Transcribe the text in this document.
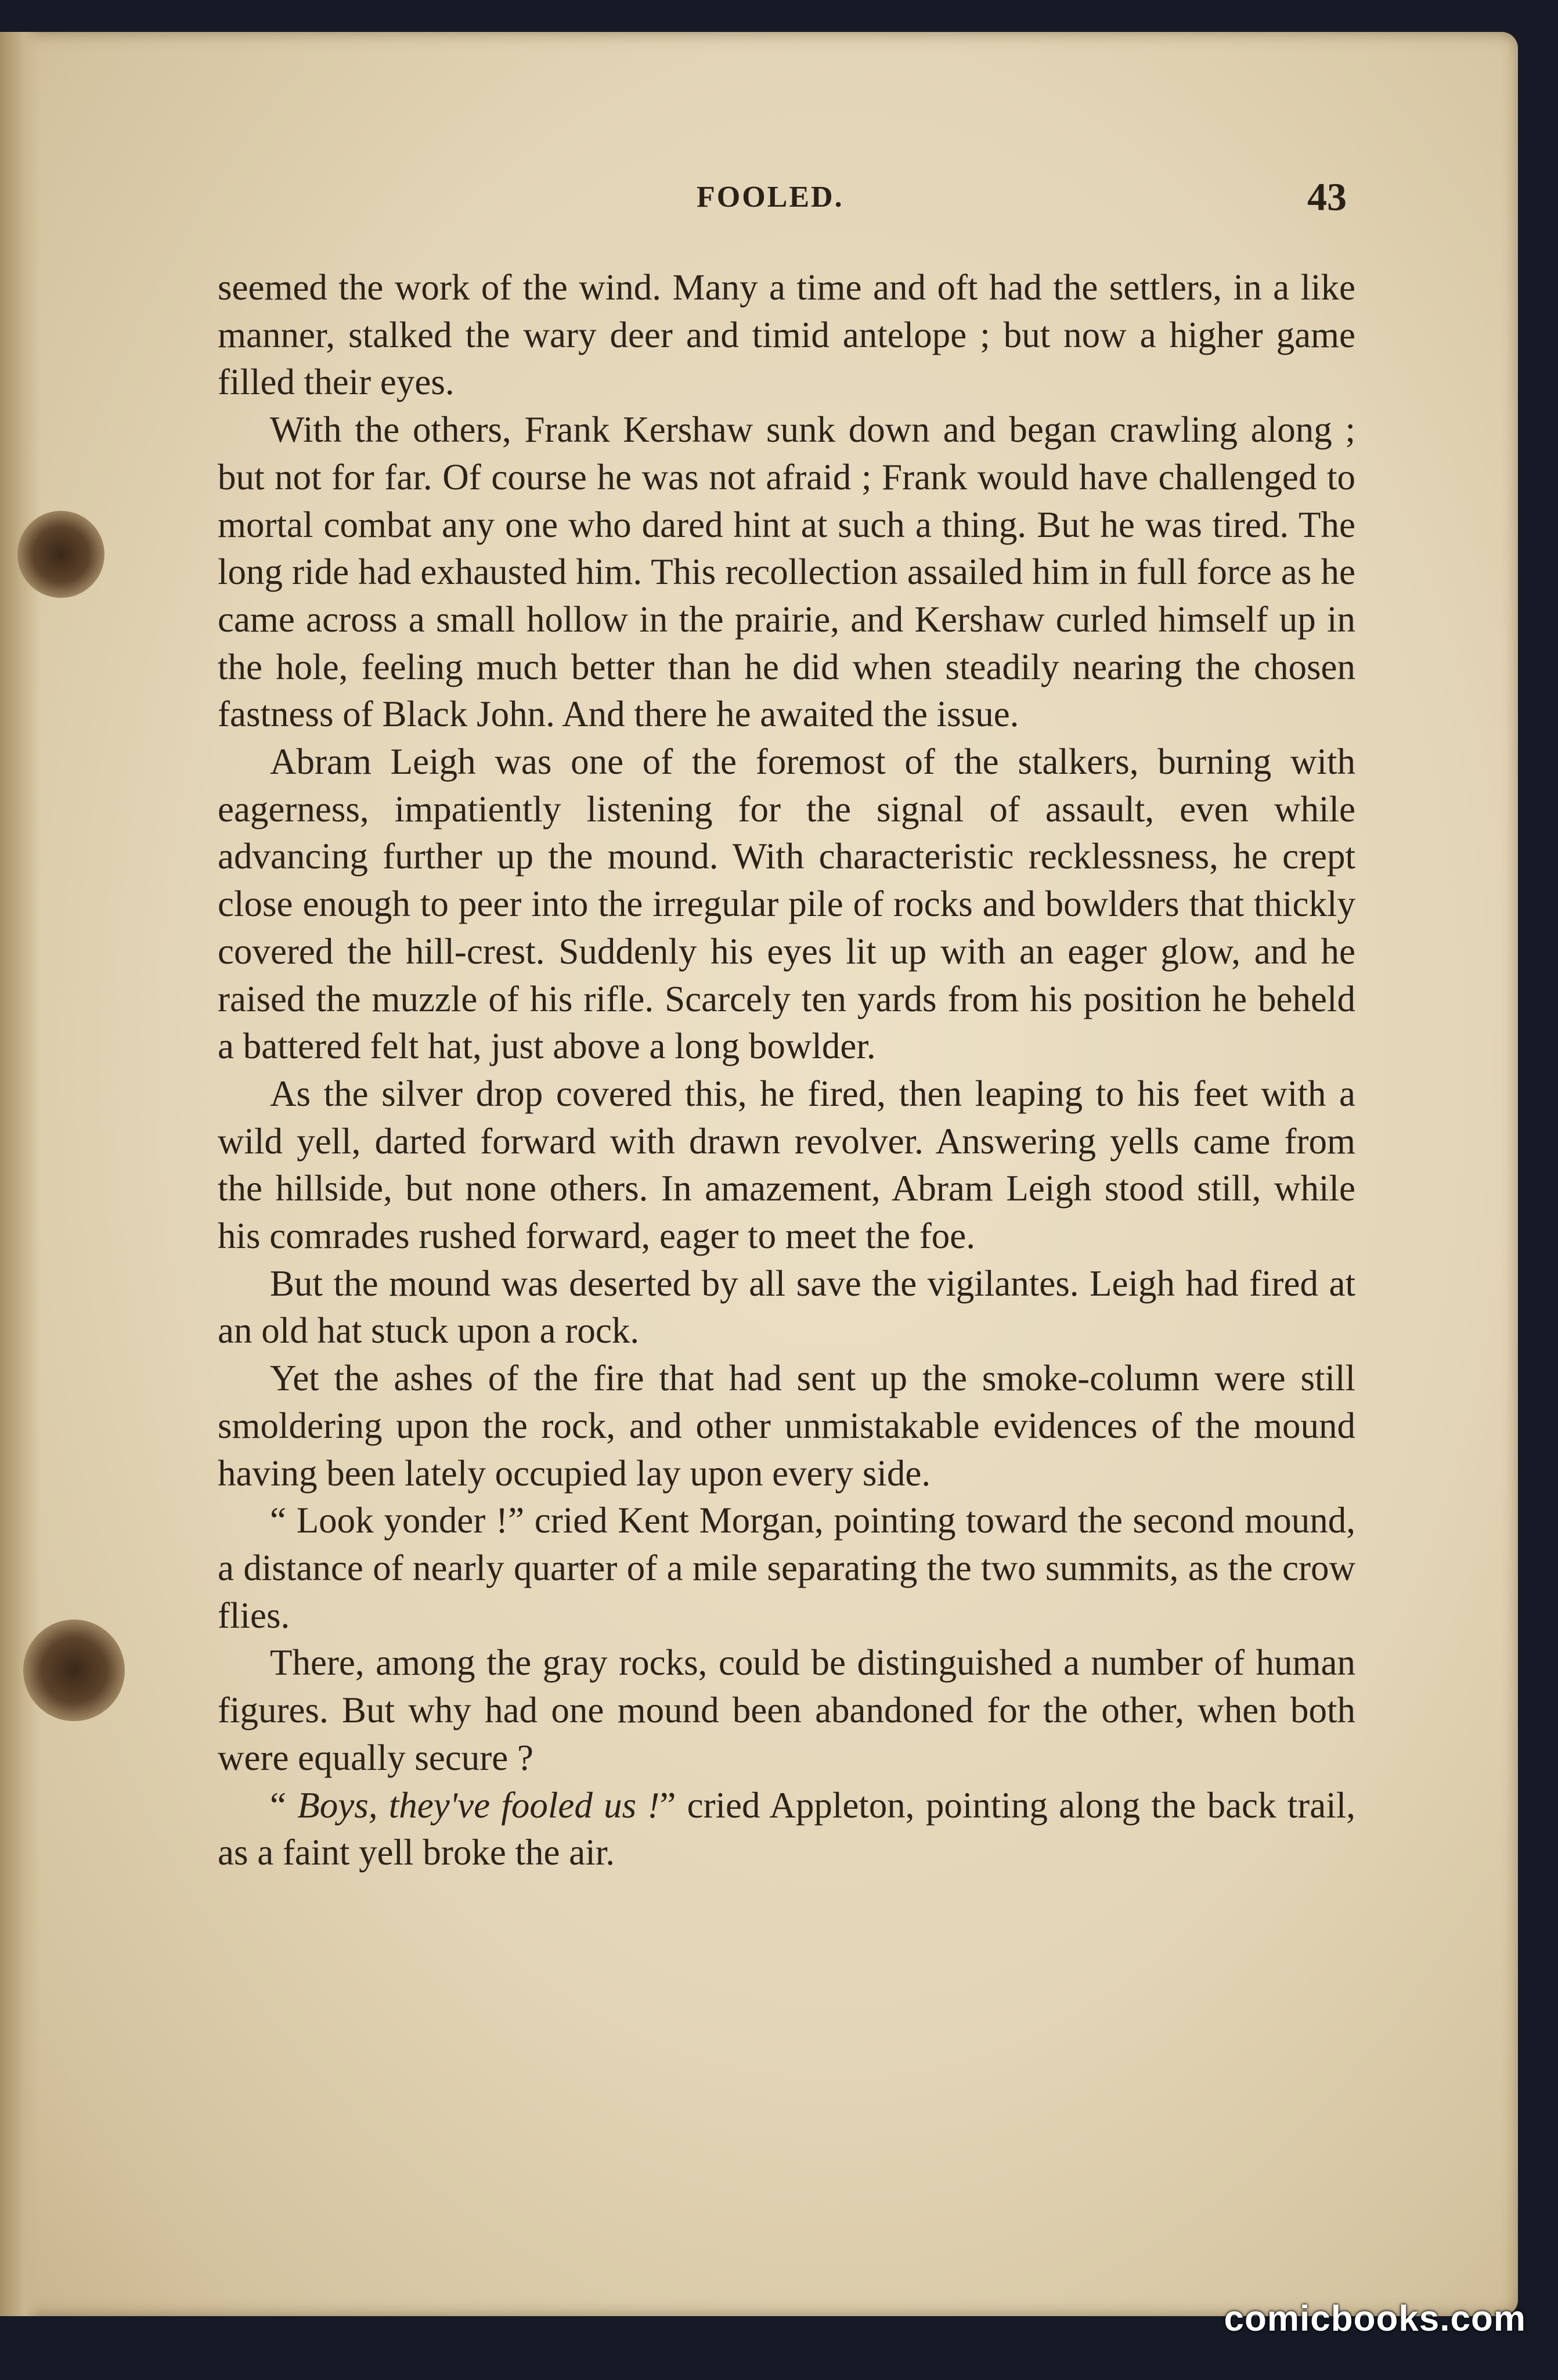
FOOLED.	43

seemed the work of the wind. Many a time and oft had the settlers, in a like manner, stalked the wary deer and timid antelope ; but now a higher game filled their eyes.

With the others, Frank Kershaw sunk down and began crawling along ; but not for far. Of course he was not afraid ; Frank would have challenged to mortal combat any one who dared hint at such a thing. But he was tired. The long ride had exhausted him. This recollection assailed him in full force as he came across a small hollow in the prairie, and Kershaw curled himself up in the hole, feeling much better than he did when steadily nearing the chosen fastness of Black John. And there he awaited the issue.

Abram Leigh was one of the foremost of the stalkers, burning with eagerness, impatiently listening for the signal of assault, even while advancing further up the mound. With characteristic recklessness, he crept close enough to peer into the irregular pile of rocks and bowlders that thickly covered the hill-crest. Suddenly his eyes lit up with an eager glow, and he raised the muzzle of his rifle. Scarcely ten yards from his position he beheld a battered felt hat, just above a long bowlder.

As the silver drop covered this, he fired, then leaping to his feet with a wild yell, darted forward with drawn revolver. Answering yells came from the hillside, but none others. In amazement, Abram Leigh stood still, while his comrades rushed forward, eager to meet the foe.

But the mound was deserted by all save the vigilantes. Leigh had fired at an old hat stuck upon a rock.

Yet the ashes of the fire that had sent up the smoke-column were still smoldering upon the rock, and other unmistakable evidences of the mound having been lately occupied lay upon every side.

“ Look yonder !” cried Kent Morgan, pointing toward the second mound, a distance of nearly quarter of a mile separating the two summits, as the crow flies.

There, among the gray rocks, could be distinguished a number of human figures. But why had one mound been abandoned for the other, when both were equally secure ?

“ Boys, they've fooled us !” cried Appleton, pointing along the back trail, as a faint yell broke the air.

comicbooks.com
